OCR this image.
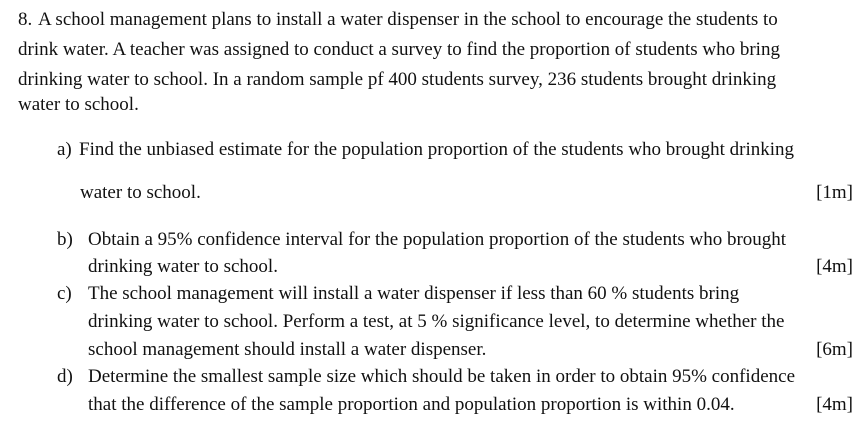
8. A school management plans to install a water dispenser in the school to encourage the students to
drink water. A teacher was assigned to conduct a survey to find the proportion of students who bring
drinking water to school. In a random sample pf 400 students survey, 236 students brought drinking
water to school.
a) Find the unbiased estimate for the population proportion of the students who brought drinking
water to school.	[1m]
b) Obtain a 95% confidence interval for the population proportion of the students who brought
drinking water to school.	[4m]
c) The school management will install a water dispenser if less than 60 % students bring
drinking water to school. Perform a test, at 5 % significance level, to determine whether the
school management should install a water dispenser.	[6m]
d) Determine the smallest sample size which should be taken in order to obtain 95% confidence
that the difference of the sample proportion and population proportion is within 0.04.	[4m]
